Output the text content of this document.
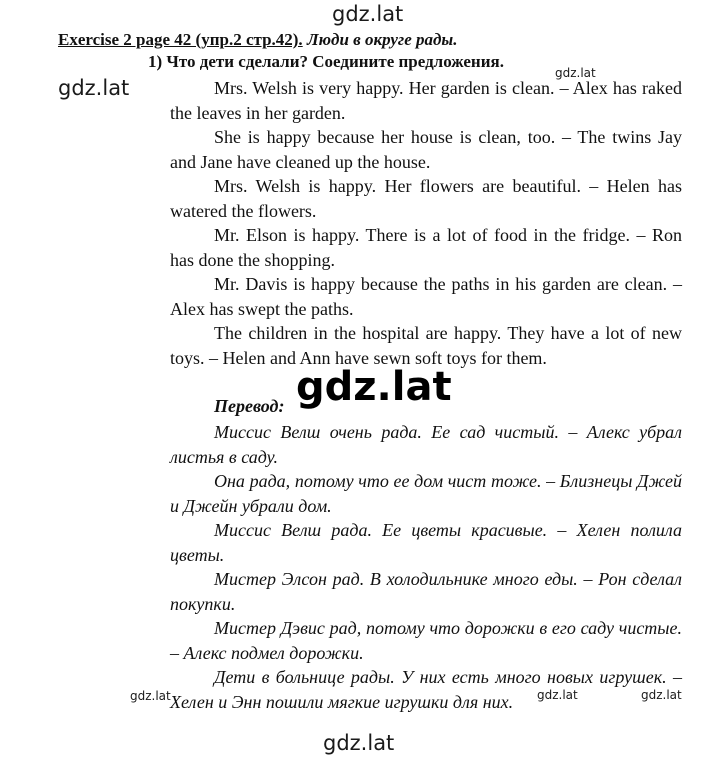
gdz.lat
Exercise 2 page 42 (упр.2 стр.42). Люди в округе рады.
1) Что дети сделали? Соедините предложения.
gdz.lat
gdz.lat

Mrs. Welsh is very happy. Her garden is clean. – Alex has raked the leaves in her garden.

She is happy because her house is clean, too. – The twins Jay and Jane have cleaned up the house.

Mrs. Welsh is happy. Her flowers are beautiful. – Helen has watered the flowers.

Mr. Elson is happy. There is a lot of food in the fridge. – Ron has done the shopping.

Mr. Davis is happy because the paths in his garden are clean. – Alex has swept the paths.

The children in the hospital are happy. They have a lot of new toys. – Helen and Ann have sewn soft toys for them.

Перевод: gdz.lat

Миссис Велш очень рада. Ее сад чистый. – Алекс убрал листья в саду.

Она рада, потому что ее дом чист тоже. – Близнецы Джей и Джейн убрали дом.

Миссис Велш рада. Ее цветы красивые. – Хелен полила цветы.

Мистер Элсон рад. В холодильнике много еды. – Рон сделал покупки.

Мистер Дэвис рад, потому что дорожки в его саду чистые. – Алекс подмел дорожки.

Дети в больнице рады. У них есть много новых игрушек. – Хелен и Энн пошили мягкие игрушки для них.

gdz.lat	gdz.lat	gdz.lat
gdz.lat
